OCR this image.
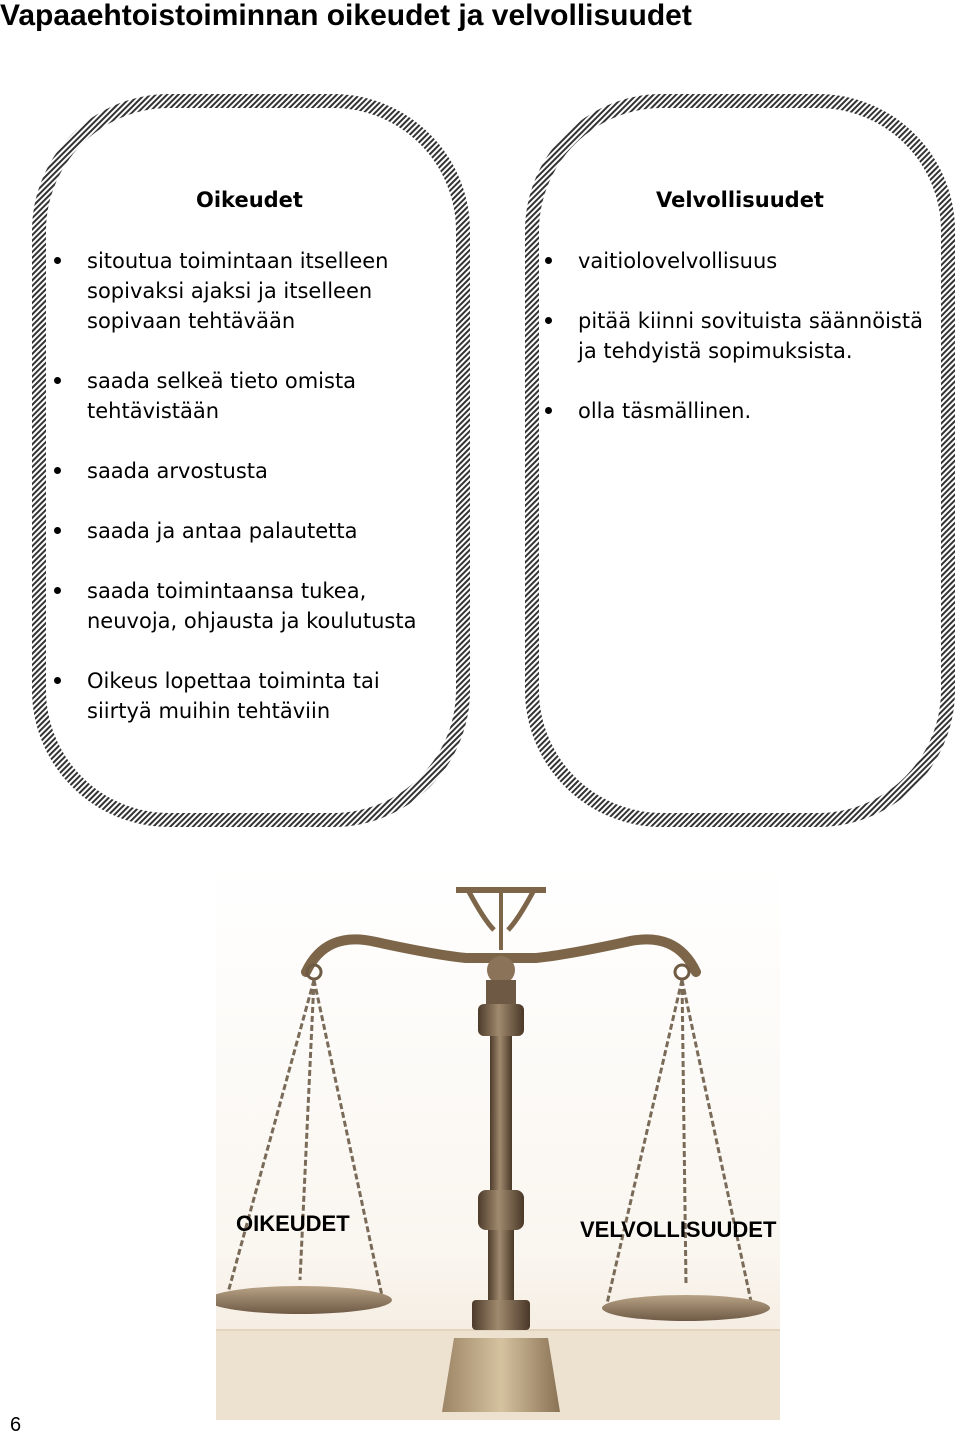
Vapaaehtoistoiminnan oikeudet ja velvollisuudet
Oikeudet
sitoutua toimintaan itselleen
sopivaksi ajaksi ja itselleen
sopivaan tehtävään
saada selkeä tieto omista
tehtävistään
saada arvostusta
saada ja antaa palautetta
saada toimintaansa tukea,
neuvoja, ohjausta ja koulutusta
Oikeus lopettaa toiminta tai
siirtyä muihin tehtäviin
Velvollisuudet
vaitiolovelvollisuus
pitää kiinni sovituista säännöistä
ja tehdyistä sopimuksista.
olla täsmällinen.
OIKEUDET	VELVOLLISUUDET
6
